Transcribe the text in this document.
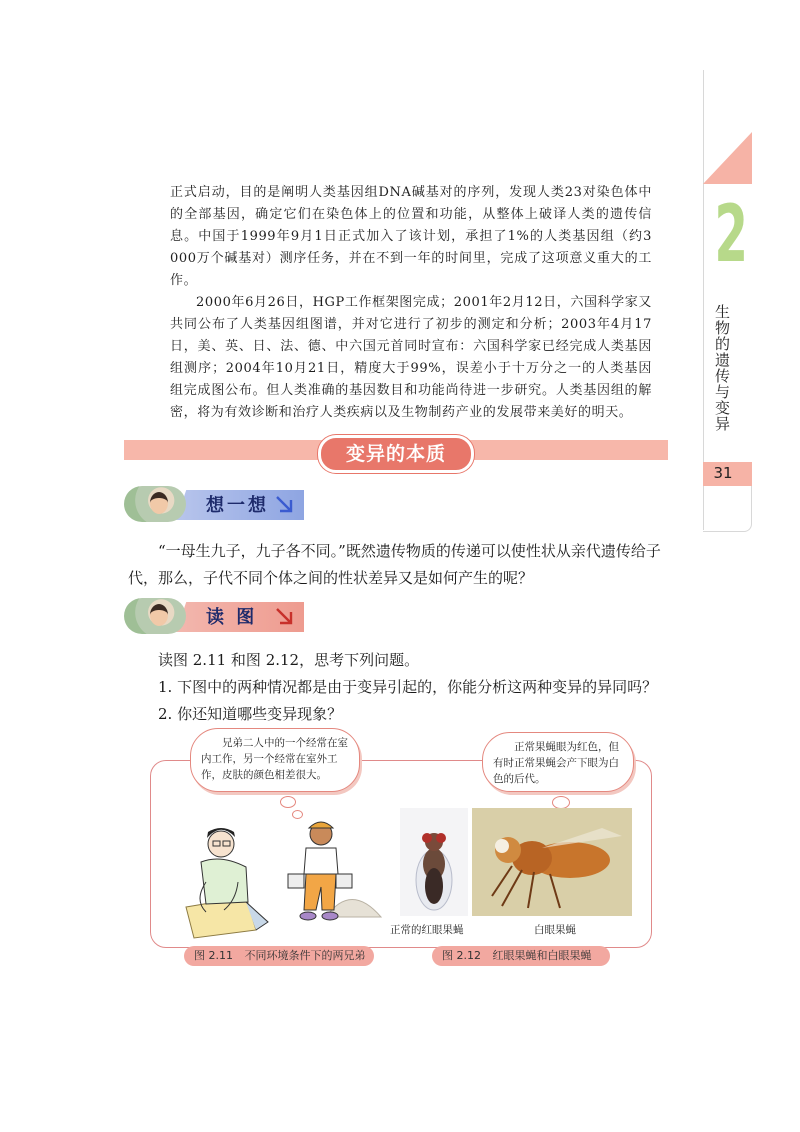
2
生物的遗传与变异
31

正式启动，目的是阐明人类基因组DNA碱基对的序列，发现人类23对染色体中的全部基因，确定它们在染色体上的位置和功能，从整体上破译人类的遗传信息。中国于1999年9月1日正式加入了该计划，承担了1%的人类基因组（约3 000万个碱基对）测序任务，并在不到一年的时间里，完成了这项意义重大的工作。

2000年6月26日，HGP工作框架图完成；2001年2月12日，六国科学家又共同公布了人类基因组图谱，并对它进行了初步的测定和分析；2003年4月17日，美、英、日、法、德、中六国元首同时宣布：六国科学家已经完成人类基因组测序；2004年10月21日，精度大于99%，误差小于十万分之一的人类基因组完成图公布。但人类准确的基因数目和功能尚待进一步研究。人类基因组的解密，将为有效诊断和治疗人类疾病以及生物制药产业的发展带来美好的明天。

变异的本质
想一想

“一母生九子，九子各不同。”既然遗传物质的传递可以使性状从亲代遗传给子代，那么，子代不同个体之间的性状差异又是如何产生的呢？

读 图

读图 2.11 和图 2.12，思考下列问题。

1. 下图中的两种情况都是由于变异引起的，你能分析这两种变异的异同吗？

2. 你还知道哪些变异现象？

兄弟二人中的一个经常在室内工作，另一个经常在室外工作，皮肤的颜色相差很大。
正常果蝇眼为红色，但有时正常果蝇会产下眼为白色的后代。
正常的红眼果蝇	白眼果蝇
图 2.11 不同环境条件下的两兄弟	图 2.12 红眼果蝇和白眼果蝇
